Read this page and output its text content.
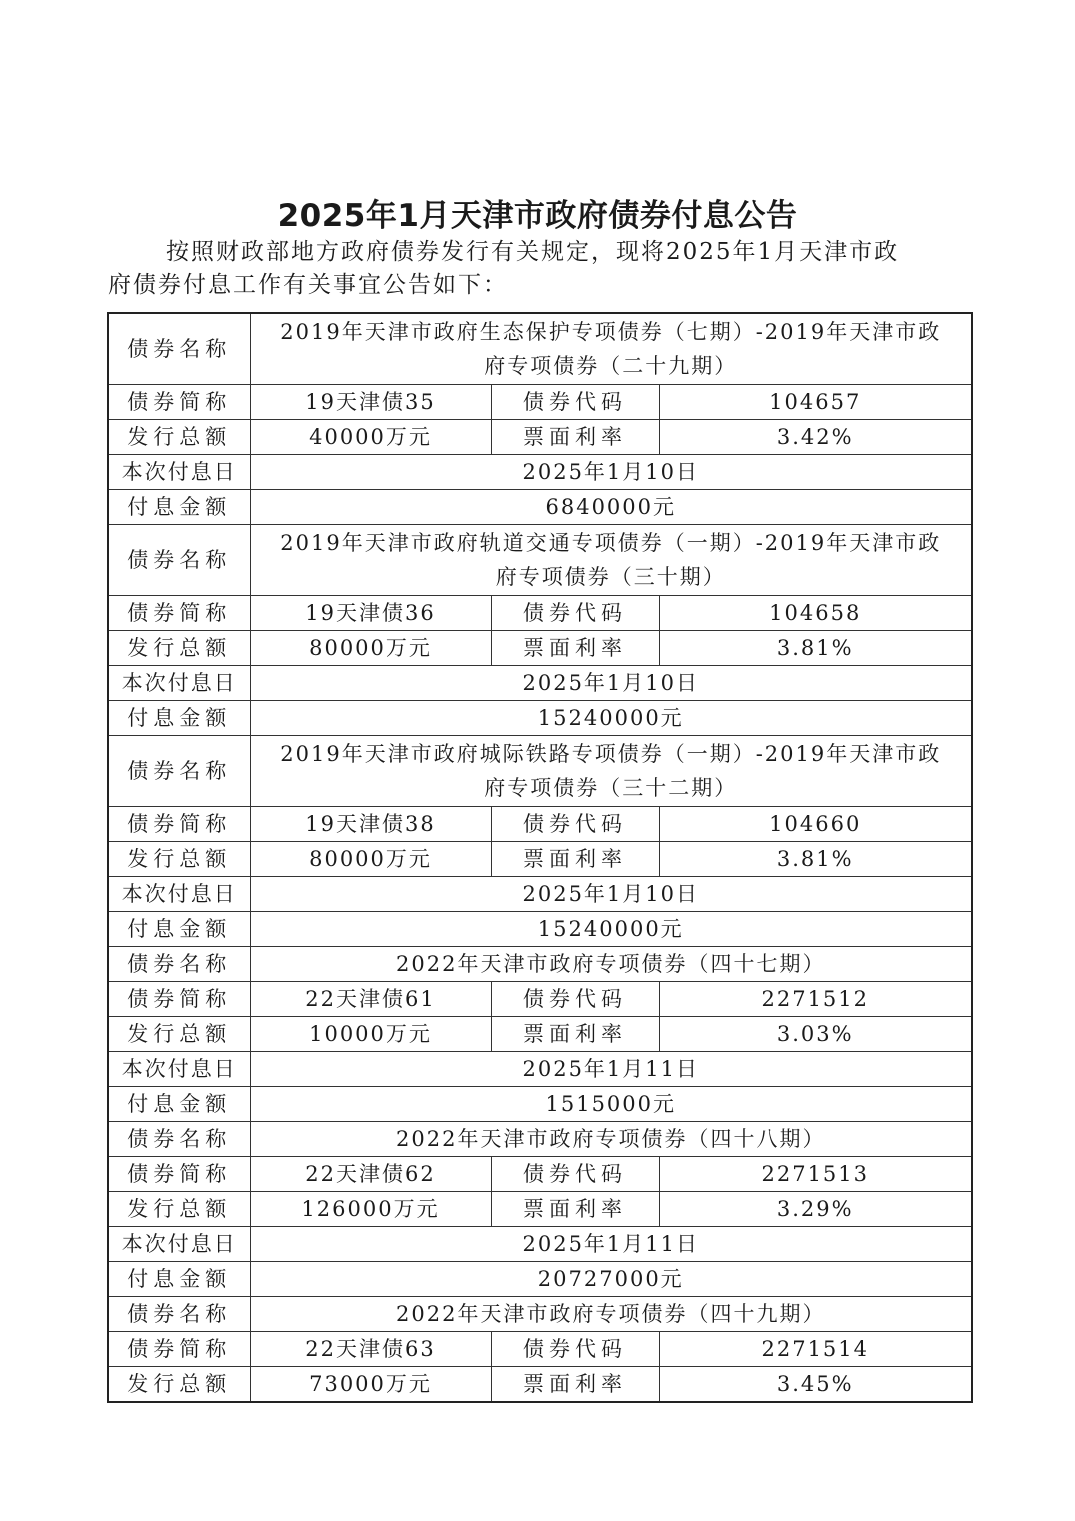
2025年1月天津市政府债券付息公告
按照财政部地方政府债券发行有关规定，现将2025年1月天津市政
府债券付息工作有关事宜公告如下：
债券名称	2019年天津市政府生态保护专项债券（七期）-2019年天津市政
府专项债券（二十九期）		
债券简称	19天津债35	债券代码	104657
发行总额	40000万元	票面利率	3.42%
本次付息日	2025年1月10日		
付息金额	6840000元		
债券名称	2019年天津市政府轨道交通专项债券（一期）-2019年天津市政
府专项债券（三十期）		
债券简称	19天津债36	债券代码	104658
发行总额	80000万元	票面利率	3.81%
本次付息日	2025年1月10日		
付息金额	15240000元		
债券名称	2019年天津市政府城际铁路专项债券（一期）-2019年天津市政
府专项债券（三十二期）		
债券简称	19天津债38	债券代码	104660
发行总额	80000万元	票面利率	3.81%
本次付息日	2025年1月10日		
付息金额	15240000元		
债券名称	2022年天津市政府专项债券（四十七期）		
债券简称	22天津债61	债券代码	2271512
发行总额	10000万元	票面利率	3.03%
本次付息日	2025年1月11日		
付息金额	1515000元		
债券名称	2022年天津市政府专项债券（四十八期）		
债券简称	22天津债62	债券代码	2271513
发行总额	126000万元	票面利率	3.29%
本次付息日	2025年1月11日		
付息金额	20727000元		
债券名称	2022年天津市政府专项债券（四十九期）		
债券简称	22天津债63	债券代码	2271514
发行总额	73000万元	票面利率	3.45%
